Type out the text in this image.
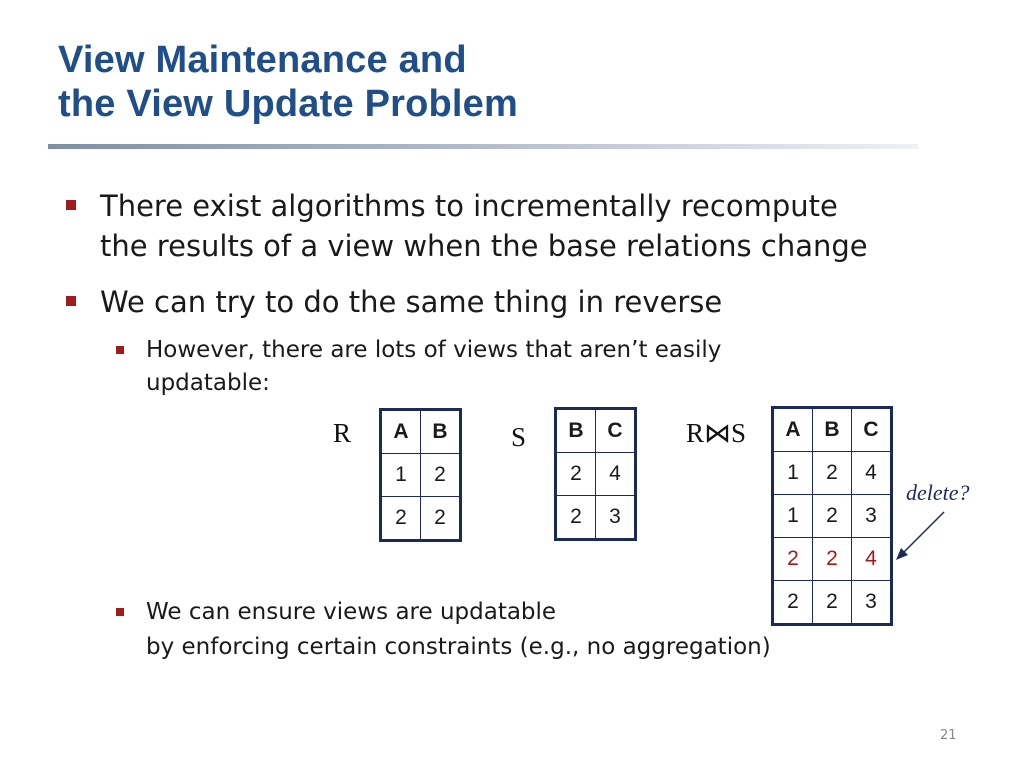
View Maintenance and
the View Update Problem
There exist algorithms to incrementally recompute
the results of a view when the base relations change
We can try to do the same thing in reverse
However, there are lots of views that aren’t easily
updatable:
R A	B
1	2
2	2
S B	C
2	4
2	3
R⋈S A	B	C
1	2	4
1	2	3
2	2	4
2	2	3
delete?
We can ensure views are updatable
by enforcing certain constraints (e.g., no aggregation)
21
